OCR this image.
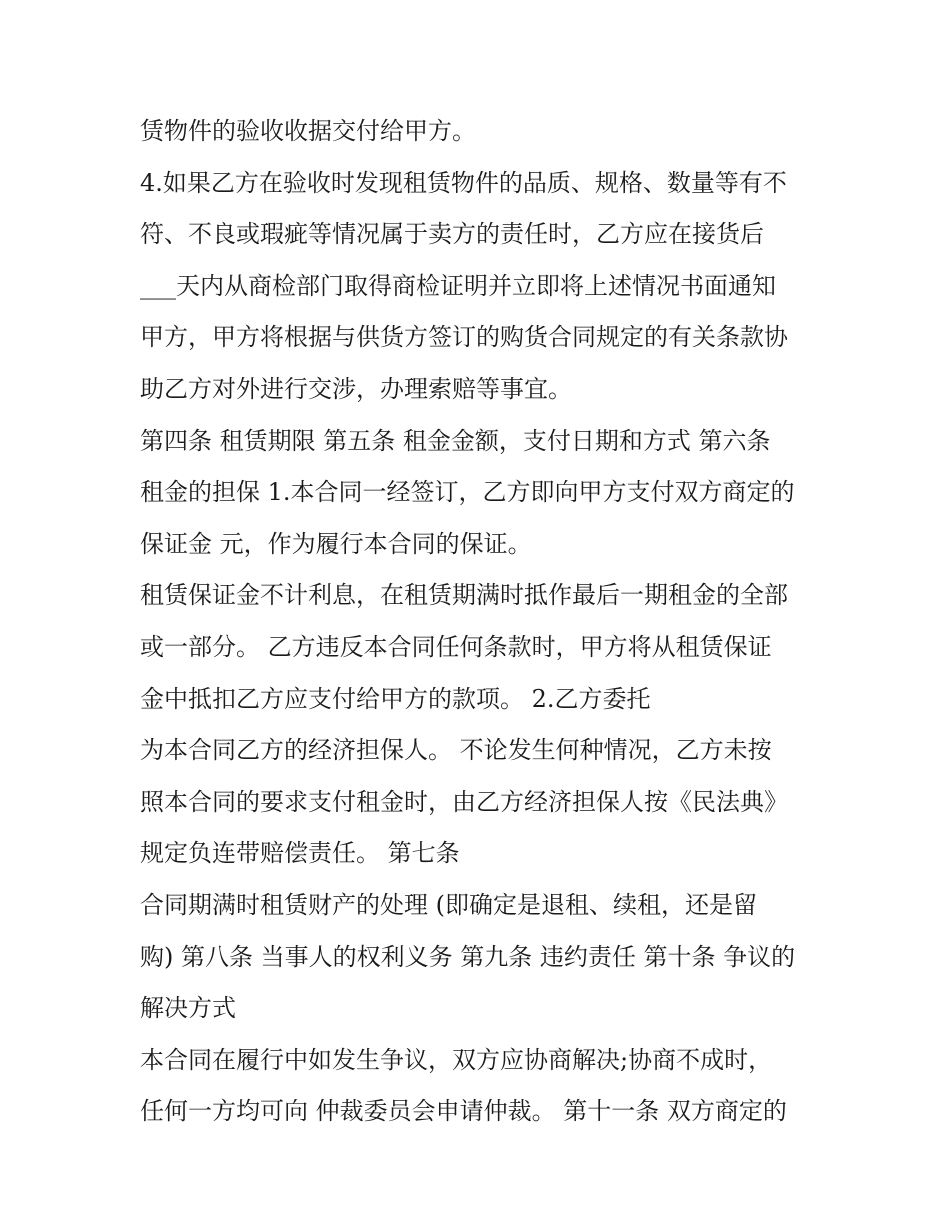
赁物件的验收收据交付给甲方。
4.如果乙方在验收时发现租赁物件的品质、规格、数量等有不
符、不良或瑕疵等情况属于卖方的责任时，乙方应在接货后
___天内从商检部门取得商检证明并立即将上述情况书面通知
甲方，甲方将根据与供货方签订的购货合同规定的有关条款协
助乙方对外进行交涉，办理索赔等事宜。
第四条 租赁期限 第五条 租金金额，支付日期和方式 第六条
租金的担保 1.本合同一经签订，乙方即向甲方支付双方商定的
保证金 元，作为履行本合同的保证。
租赁保证金不计利息，在租赁期满时抵作最后一期租金的全部
或一部分。 乙方违反本合同任何条款时，甲方将从租赁保证
金中抵扣乙方应支付给甲方的款项。 2.乙方委托
为本合同乙方的经济担保人。 不论发生何种情况，乙方未按
照本合同的要求支付租金时，由乙方经济担保人按《民法典》
规定负连带赔偿责任。 第七条
合同期满时租赁财产的处理 (即确定是退租、续租，还是留
购) 第八条 当事人的权利义务 第九条 违约责任 第十条 争议的
解决方式
本合同在履行中如发生争议，双方应协商解决;协商不成时，
任何一方均可向 仲裁委员会申请仲裁。 第十一条 双方商定的
